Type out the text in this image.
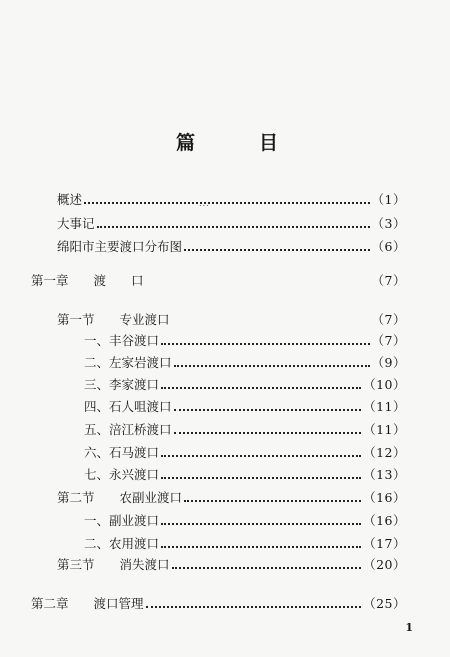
篇	目
...
概述	（1）
大事记	（3）
绵阳市主要渡口分布图	（6）
第一章　　渡　　口	（7）
第一节　　专业渡口	（7）
一、丰谷渡口	（7）
二、左家岩渡口	（9）
三、李家渡口	（10）
四、石人咀渡口	（11）
五、涪江桥渡口	（11）
六、石马渡口	（12）
七、永兴渡口	（13）
第二节　　农副业渡口	（16）
一、副业渡口	（16）
二、农用渡口	（17）
第三节　　消失渡口	（20）
第二章　　渡口管理	（25）
1
